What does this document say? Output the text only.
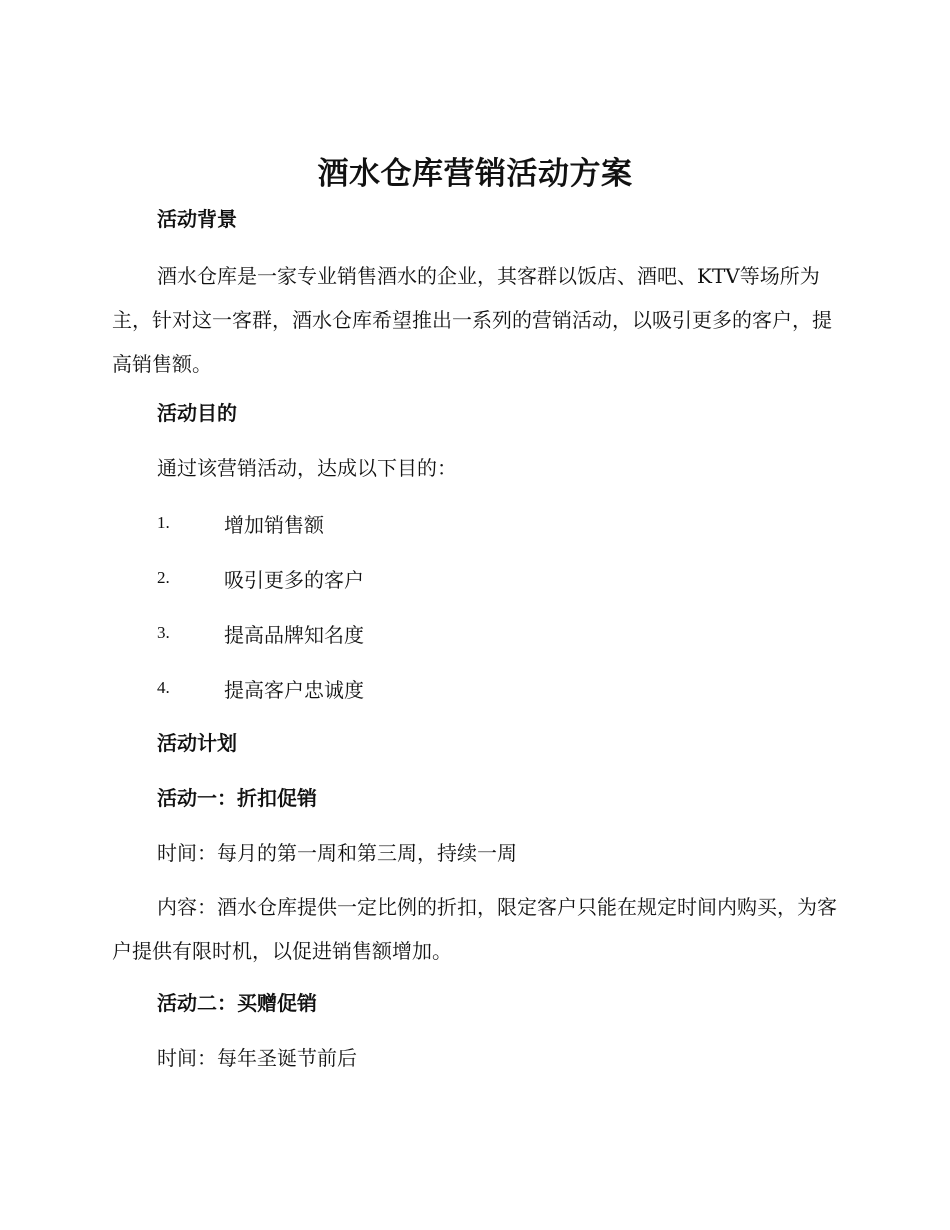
酒水仓库营销活动方案
活动背景

酒水仓库是一家专业销售酒水的企业，其客群以饭店、酒吧、KTV等场所为主，针对这一客群，酒水仓库希望推出一系列的营销活动，以吸引更多的客户，提高销售额。

活动目的

通过该营销活动，达成以下目的：

1.	增加销售额
2.	吸引更多的客户
3.	提高品牌知名度
4.	提高客户忠诚度
活动计划
活动一：折扣促销

时间：每月的第一周和第三周，持续一周

内容：酒水仓库提供一定比例的折扣，限定客户只能在规定时间内购买，为客户提供有限时机，以促进销售额增加。

活动二：买赠促销

时间：每年圣诞节前后
